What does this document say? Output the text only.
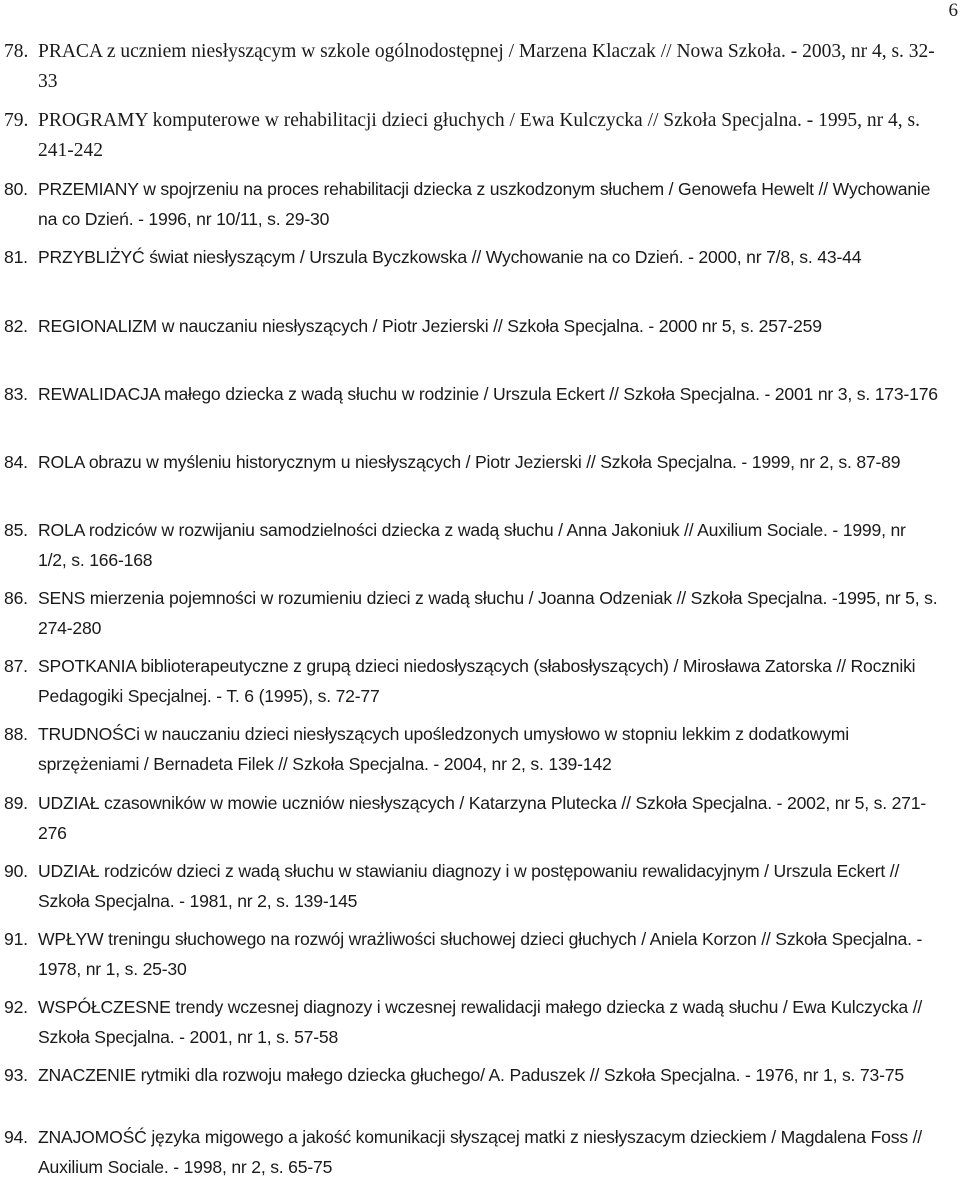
6
78. PRACA z uczniem niesłyszącym w szkole ogólnodostępnej / Marzena Klaczak // Nowa Szkoła. - 2003, nr 4, s. 32-33
79. PROGRAMY komputerowe w rehabilitacji dzieci głuchych / Ewa Kulczycka // Szkoła Specjalna. - 1995, nr 4, s. 241-242
80. PRZEMIANY w spojrzeniu na proces rehabilitacji dziecka z uszkodzonym słuchem / Genowefa Hewelt // Wychowanie na co Dzień. - 1996, nr 10/11, s. 29-30
81. PRZYBLIŻYĆ świat niesłyszącym / Urszula Byczkowska // Wychowanie na co Dzień. - 2000, nr 7/8, s. 43-44
82. REGIONALIZM w nauczaniu niesłyszących / Piotr Jezierski // Szkoła Specjalna. - 2000 nr 5, s. 257-259
83. REWALIDACJA małego dziecka z wadą słuchu w rodzinie / Urszula Eckert // Szkoła Specjalna. - 2001 nr 3, s. 173-176
84. ROLA obrazu w myśleniu historycznym u niesłyszących / Piotr Jezierski // Szkoła Specjalna. - 1999, nr 2, s. 87-89
85. ROLA rodziców w rozwijaniu samodzielności dziecka z wadą słuchu / Anna Jakoniuk // Auxilium Sociale. - 1999, nr 1/2, s. 166-168
86. SENS mierzenia pojemności w rozumieniu dzieci z wadą słuchu / Joanna Odzeniak // Szkoła Specjalna. -1995, nr 5, s. 274-280
87. SPOTKANIA biblioterapeutyczne z grupą dzieci niedosłyszących (słabosłyszących) / Mirosława Zatorska // Roczniki Pedagogiki Specjalnej. - T. 6 (1995), s. 72-77
88. TRUDNOŚCi w nauczaniu dzieci niesłyszących upośledzonych umysłowo w stopniu lekkim z dodatkowymi sprzężeniami / Bernadeta Filek // Szkoła Specjalna. - 2004, nr 2, s. 139-142
89. UDZIAŁ czasowników w mowie uczniów niesłyszących / Katarzyna Plutecka // Szkoła Specjalna. - 2002, nr 5, s. 271-276
90. UDZIAŁ rodziców dzieci z wadą słuchu w stawianiu diagnozy i w postępowaniu rewalidacyjnym / Urszula Eckert // Szkoła Specjalna. - 1981, nr 2, s. 139-145
91. WPŁYW treningu słuchowego na rozwój wrażliwości słuchowej dzieci głuchych / Aniela Korzon // Szkoła Specjalna. - 1978, nr 1, s. 25-30
92. WSPÓŁCZESNE trendy wczesnej diagnozy i wczesnej rewalidacji małego dziecka z wadą słuchu / Ewa Kulczycka // Szkoła Specjalna. - 2001, nr 1, s. 57-58
93. ZNACZENIE rytmiki dla rozwoju małego dziecka głuchego/ A. Paduszek // Szkoła Specjalna. - 1976, nr 1, s. 73-75
94. ZNAJOMOŚĆ języka migowego a jakość komunikacji słyszącej matki z niesłyszacym dzieckiem / Magdalena Foss // Auxilium Sociale. - 1998, nr 2, s. 65-75
